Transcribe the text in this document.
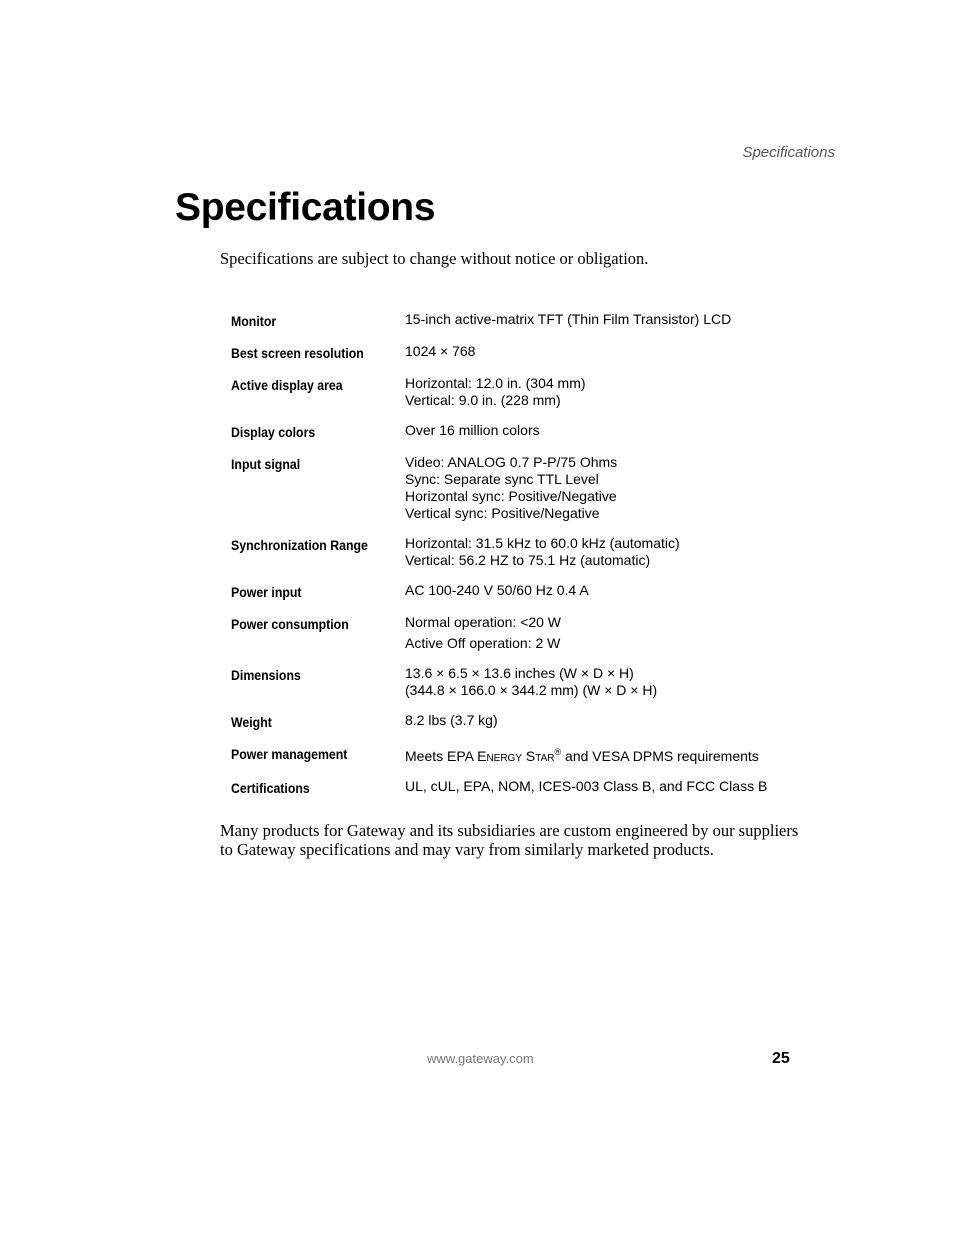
Specifications
Specifications

Specifications are subject to change without notice or obligation.

Monitor	15-inch active-matrix TFT (Thin Film Transistor) LCD
Best screen resolution	1024 × 768
Active display area	Horizontal: 12.0 in. (304 mm)
Vertical: 9.0 in. (228 mm)
Display colors	Over 16 million colors
Input signal	Video: ANALOG 0.7 P-P/75 Ohms
Sync: Separate sync TTL Level
Horizontal sync: Positive/Negative
Vertical sync: Positive/Negative
Synchronization Range	Horizontal: 31.5 kHz to 60.0 kHz (automatic)
Vertical: 56.2 HZ to 75.1 Hz (automatic)
Power input	AC 100-240 V 50/60 Hz 0.4 A
Power consumption	Normal operation: <20 W
Active Off operation: 2 W
Dimensions	13.6 × 6.5 × 13.6 inches (W × D × H)
(344.8 × 166.0 × 344.2 mm) (W × D × H)
Weight	8.2 lbs (3.7 kg)
Power management	Meets EPA Energy Star® and VESA DPMS requirements
Certifications	UL, cUL, EPA, NOM, ICES-003 Class B, and FCC Class B

Many products for Gateway and its subsidiaries are custom engineered by our suppliers to Gateway specifications and may vary from similarly marketed products.

www.gateway.com	25
